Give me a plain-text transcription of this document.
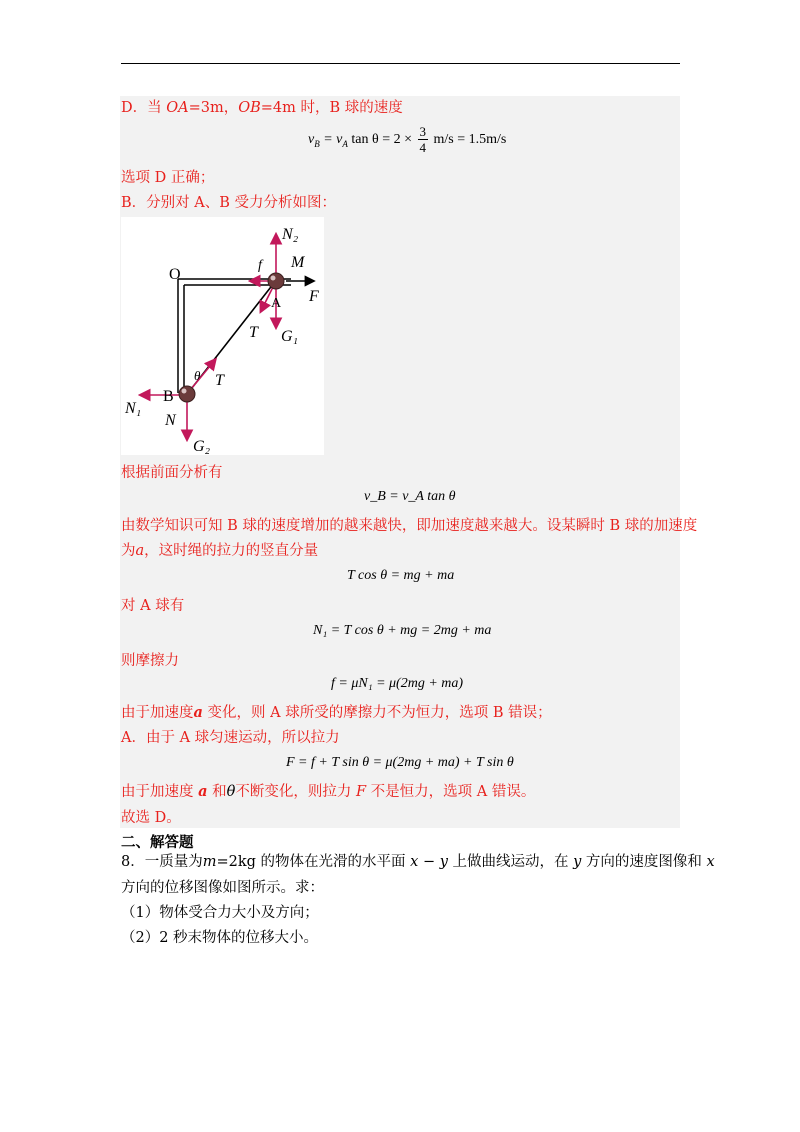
D．当 OA=3m，OB=4m 时，B 球的速度
$v_B = v_A$ $\tan \theta = 2 \times \frac{3}{4} m/s = 1.5m/s$
选项 D 正确；
B．分别对 A、B 受力分析如图：
N₂
f M
O
F
A
T G₁
θ T
B
N₁
N
G₂
根据前面分析有
v_B = v_A tan θ
由数学知识可知 B 球的速度增加的越来越快，即加速度越来越大。设某瞬时 B 球的加速度
为a，这时绳的拉力的竖直分量
T cos θ = mg + ma
对 A 球有
N₁ = T cos θ + mg = 2mg + ma
则摩擦力
f = μN₁ = μ(2mg + ma)
由于加速度a 变化，则 A 球所受的摩擦力不为恒力，选项 B 错误；
A．由于 A 球匀速运动，所以拉力
F = f + T sin θ = μ(2mg + ma) + T sin θ
由于加速度 a 和θ不断变化，则拉力 F 不是恒力，选项 A 错误。
故选 D。
二、解答题
8．一质量为m=2kg 的物体在光滑的水平面 x − y 上做曲线运动，在 y 方向的速度图像和 x
方向的位移图像如图所示。求：
（1）物体受合力大小及方向；
（2）2 秒末物体的位移大小。
